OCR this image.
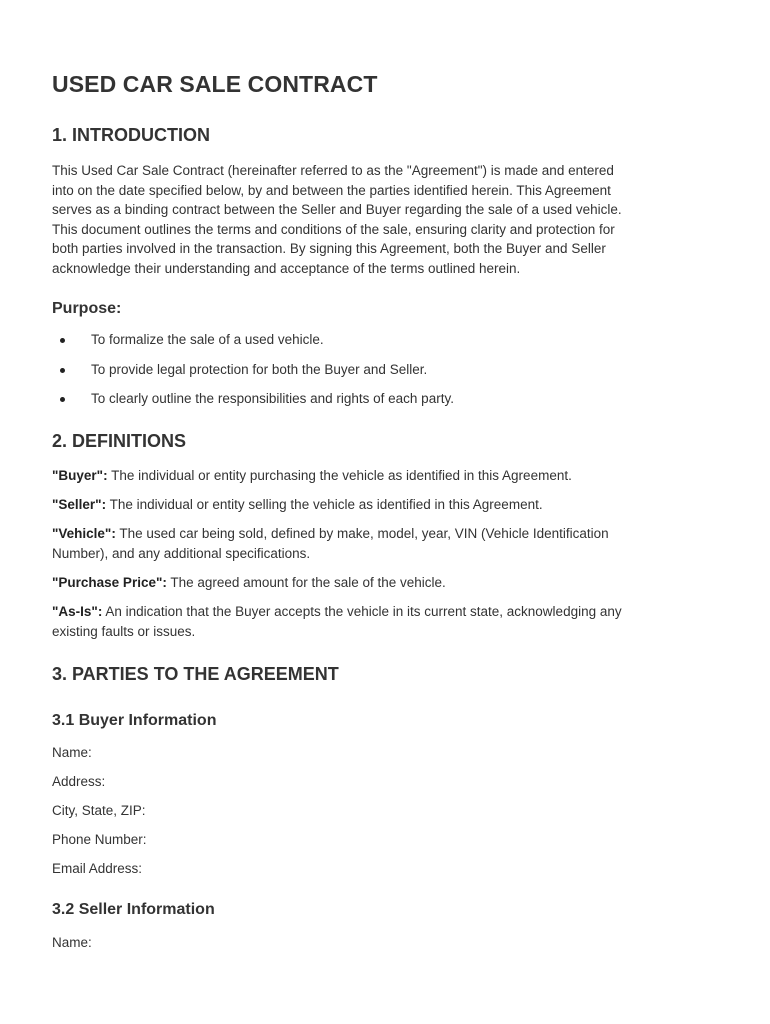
USED CAR SALE CONTRACT
1. INTRODUCTION
This Used Car Sale Contract (hereinafter referred to as the "Agreement") is made and entered
into on the date specified below, by and between the parties identified herein. This Agreement
serves as a binding contract between the Seller and Buyer regarding the sale of a used vehicle.
This document outlines the terms and conditions of the sale, ensuring clarity and protection for
both parties involved in the transaction. By signing this Agreement, both the Buyer and Seller
acknowledge their understanding and acceptance of the terms outlined herein.
Purpose:
To formalize the sale of a used vehicle.
To provide legal protection for both the Buyer and Seller.
To clearly outline the responsibilities and rights of each party.
2. DEFINITIONS
"Buyer": The individual or entity purchasing the vehicle as identified in this Agreement.
"Seller": The individual or entity selling the vehicle as identified in this Agreement.
"Vehicle": The used car being sold, defined by make, model, year, VIN (Vehicle Identification
Number), and any additional specifications.
"Purchase Price": The agreed amount for the sale of the vehicle.
"As-Is": An indication that the Buyer accepts the vehicle in its current state, acknowledging any
existing faults or issues.
3. PARTIES TO THE AGREEMENT
3.1 Buyer Information
Name:
Address:
City, State, ZIP:
Phone Number:
Email Address:
3.2 Seller Information
Name:
